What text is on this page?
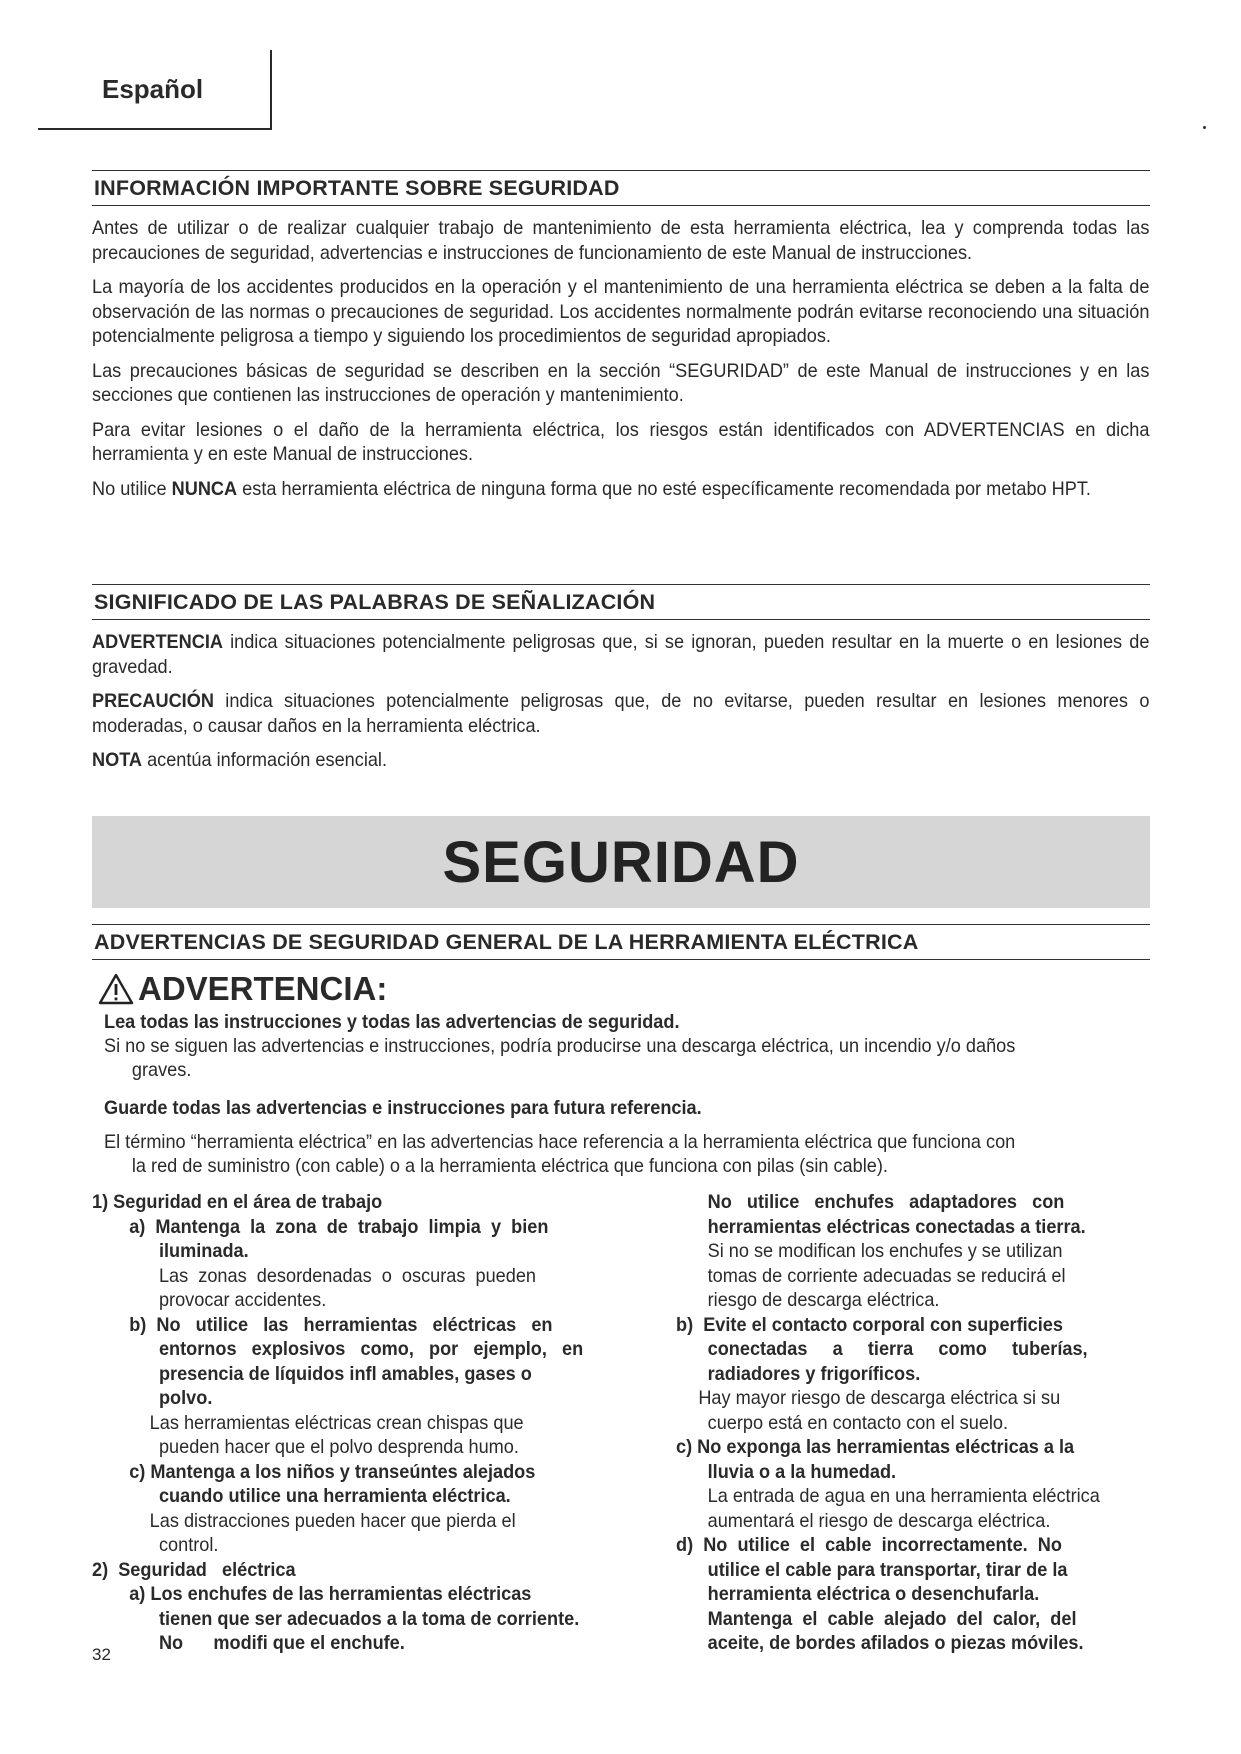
Español
INFORMACIÓN IMPORTANTE SOBRE SEGURIDAD

Antes de utilizar o de realizar cualquier trabajo de mantenimiento de esta herramienta eléctrica, lea y comprenda todas las precauciones de seguridad, advertencias e instrucciones de funcionamiento de este Manual de instrucciones.

La mayoría de los accidentes producidos en la operación y el mantenimiento de una herramienta eléctrica se deben a la falta de observación de las normas o precauciones de seguridad. Los accidentes normalmente podrán evitarse reconociendo una situación potencialmente peligrosa a tiempo y siguiendo los procedimientos de seguridad apropiados.

Las precauciones básicas de seguridad se describen en la sección “SEGURIDAD” de este Manual de instrucciones y en las secciones que contienen las instrucciones de operación y mantenimiento.

Para evitar lesiones o el daño de la herramienta eléctrica, los riesgos están identificados con ADVERTENCIAS en dicha herramienta y en este Manual de instrucciones.

No utilice NUNCA esta herramienta eléctrica de ninguna forma que no esté específicamente recomendada por metabo HPT.

SIGNIFICADO DE LAS PALABRAS DE SEÑALIZACIÓN

ADVERTENCIA indica situaciones potencialmente peligrosas que, si se ignoran, pueden resultar en la muerte o en lesiones de gravedad.

PRECAUCIÓN indica situaciones potencialmente peligrosas que, de no evitarse, pueden resultar en lesiones menores o moderadas, o causar daños en la herramienta eléctrica.

NOTA acentúa información esencial.

SEGURIDAD
ADVERTENCIAS DE SEGURIDAD GENERAL DE LA HERRAMIENTA ELÉCTRICA
ADVERTENCIA:
Lea todas las instrucciones y todas las advertencias de seguridad.
Si no se siguen las advertencias e instrucciones, podría producirse una descarga eléctrica, un incendio y/o daños
graves.
Guarde todas las advertencias e instrucciones para futura referencia.
El término “herramienta eléctrica” en las advertencias hace referencia a la herramienta eléctrica que funciona con
la red de suministro (con cable) o a la herramienta eléctrica que funciona con pilas (sin cable).
1) Seguridad en el área de trabajo
a)  Mantenga  la  zona  de  trabajo  limpia  y  bien
iluminada.
Las  zonas  desordenadas  o  oscuras  pueden
provocar accidentes.
b)  No   utilice   las   herramientas   eléctricas   en
entornos   explosivos   como,   por   ejemplo,   en
presencia de líquidos infl amables, gases o polvo.
Las herramientas eléctricas crean chispas que
pueden hacer que el polvo desprenda humo.
c) Mantenga a los niños y transeúntes alejados
cuando utilice una herramienta eléctrica.
Las distracciones pueden hacer que pierda el
control.
2)  Seguridad   eléctrica
a) Los enchufes de las herramientas eléctricas
tienen que ser adecuados a la toma de corriente.
No      modifi que el enchufe.
No   utilice   enchufes   adaptadores   con
herramientas eléctricas conectadas a tierra.
Si no se modifican los enchufes y se utilizan
tomas de corriente adecuadas se reducirá el
riesgo de descarga eléctrica.
b)  Evite el contacto corporal con superficies
conectadas     a     tierra     como     tuberías,
radiadores y frigoríficos.
Hay mayor riesgo de descarga eléctrica si su
cuerpo está en contacto con el suelo.
c) No exponga las herramientas eléctricas a la
lluvia o a la humedad.
La entrada de agua en una herramienta eléctrica
aumentará el riesgo de descarga eléctrica.
d)  No  utilice  el  cable  incorrectamente.  No
utilice el cable para transportar, tirar de la
herramienta eléctrica o desenchufarla.
Mantenga  el  cable  alejado  del  calor,  del
aceite, de bordes afilados o piezas móviles.
32
